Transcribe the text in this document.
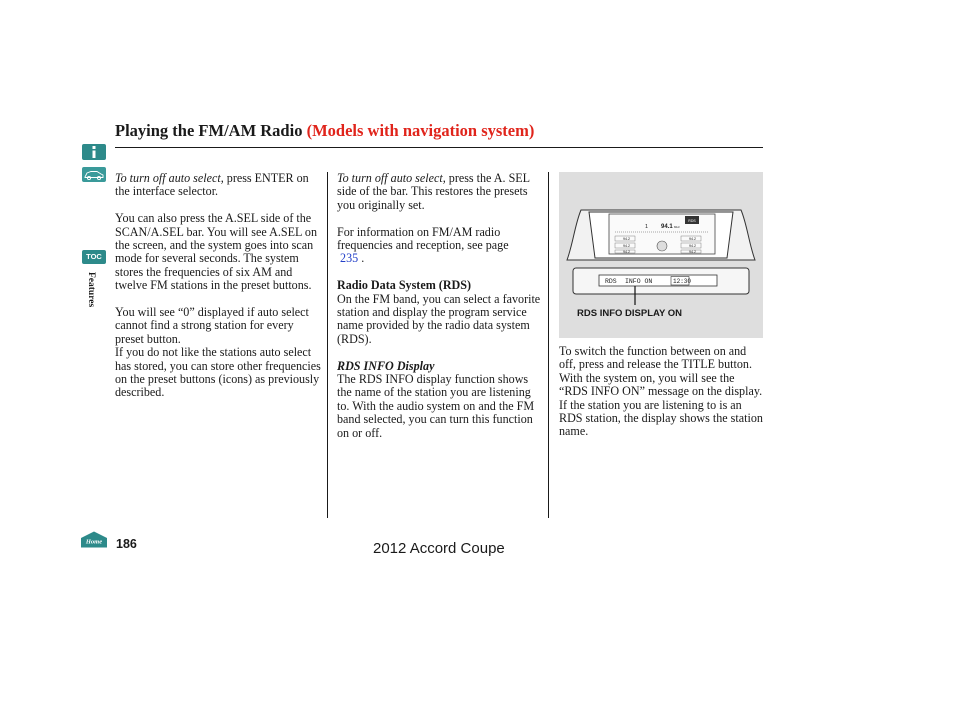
Playing the FM/AM Radio (Models with navigation system)
TOC
Features
Home

To turn off auto select, press ENTER on the interface selector.

You can also press the A.SEL side of the SCAN/A.SEL bar. You will see A.SEL on the screen, and the system goes into scan mode for several seconds. The system stores the frequencies of six AM and twelve FM stations in the preset buttons.

You will see “0” displayed if auto select cannot find a strong station for every preset button.

If you do not like the stations auto select has stored, you can store other frequencies on the preset buttons (icons) as previously described.

To turn off auto select, press the A. SEL side of the bar. This restores the presets you originally set.

For information on FM/AM radio frequencies and reception, see page
235 .

Radio Data System (RDS)

On the FM band, you can select a favorite station and display the program service name provided by the radio data system (RDS).

RDS INFO Display

The RDS INFO display function shows the name of the station you are listening to. With the audio system on and the FM band selected, you can turn this function on or off.

1 94.1 MHz
RDS
94.2
94.2
94.2
94.2
94.2
94.2
RDS INFO ON	12:30
RDS INFO DISPLAY ON

To switch the function between on and off, press and release the TITLE button. With the system on, you will see the “RDS INFO ON” message on the display. If the station you are listening to is an RDS station, the display shows the station name.

186	2012 Accord Coupe
